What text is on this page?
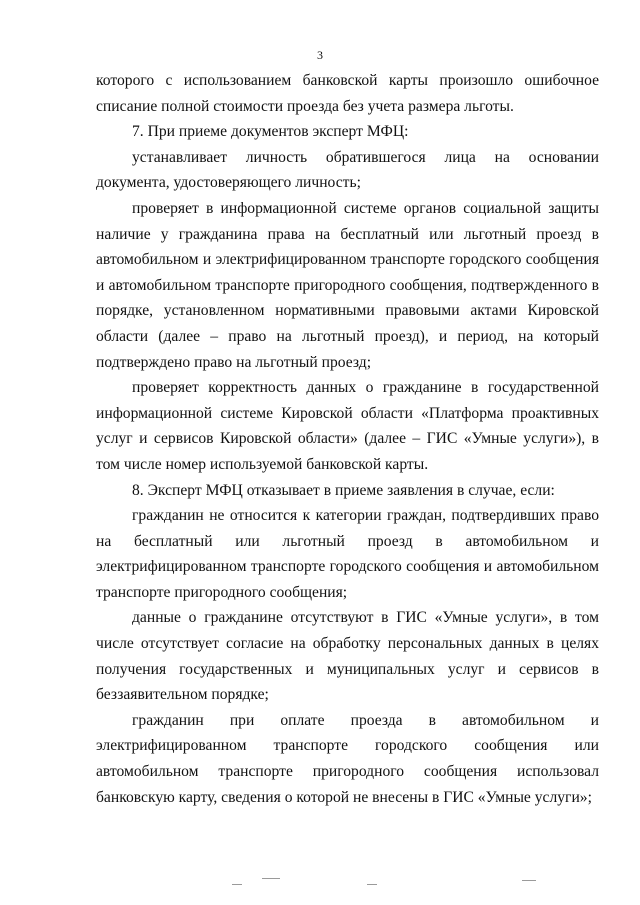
3

которого с использованием банковской карты произошло ошибочное списание полной стоимости проезда без учета размера льготы.

7. При приеме документов эксперт МФЦ:

устанавливает личность обратившегося лица на основании документа, удостоверяющего личность;

проверяет в информационной системе органов социальной защиты наличие у гражданина права на бесплатный или льготный проезд в автомобильном и электрифицированном транспорте городского сообщения и автомобильном транспорте пригородного сообщения, подтвержденного в порядке, установленном нормативными правовыми актами Кировской области (далее – право на льготный проезд), и период, на который подтверждено право на льготный проезд;

проверяет корректность данных о гражданине в государственной информационной системе Кировской области «Платформа проактивных услуг и сервисов Кировской области» (далее – ГИС «Умные услуги»), в том числе номер используемой банковской карты.

8. Эксперт МФЦ отказывает в приеме заявления в случае, если:

гражданин не относится к категории граждан, подтвердивших право на бесплатный или льготный проезд в автомобильном и электрифицированном транспорте городского сообщения и автомобильном транспорте пригородного сообщения;

данные о гражданине отсутствуют в ГИС «Умные услуги», в том числе отсутствует согласие на обработку персональных данных в целях получения государственных и муниципальных услуг и сервисов в беззаявительном порядке;

гражданин при оплате проезда в автомобильном и электрифицированном транспорте городского сообщения или автомобильном транспорте пригородного сообщения использовал банковскую карту, сведения о которой не внесены в ГИС «Умные услуги»;
